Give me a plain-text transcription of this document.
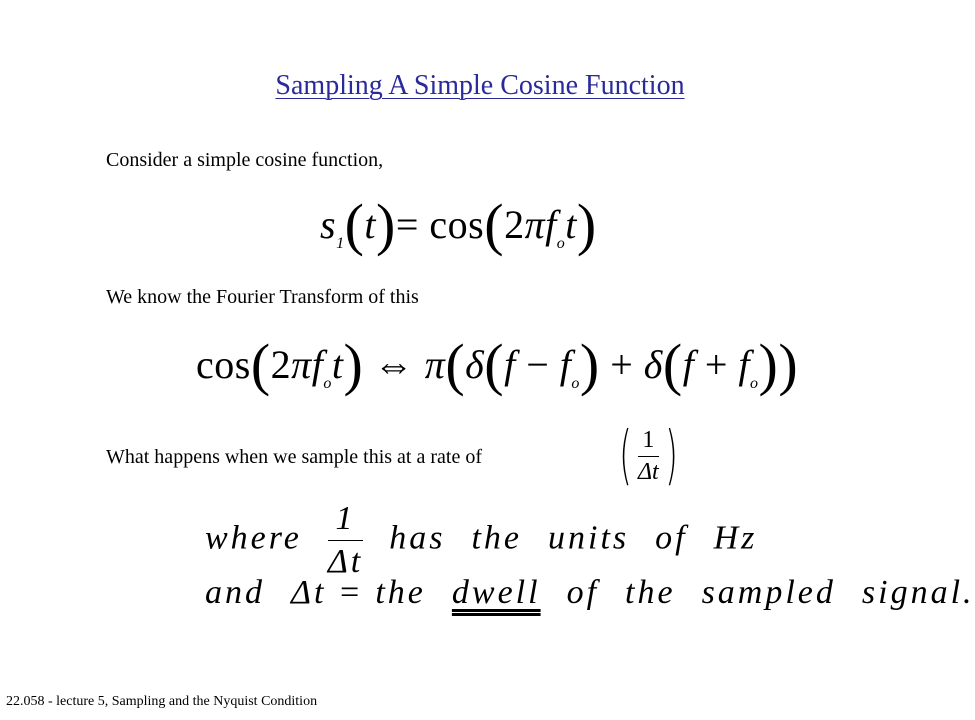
Sampling A Simple Cosine Function
Consider a simple cosine function,
$s_1(t)= \cos(2\pi f_ot)$
We know the Fourier Transform of this
$\cos(2\pi f_ot)$ ⇔ $\pi(\delta(f - f_o) + \delta(f + f_o))$
What happens when we sample this at a rate of ( $\frac{1}{\Delta t}$ )
where $\frac{1}{\Delta t}$ has the units of Hz
and Δt = the dwell of the sampled signal.
22.058 - lecture 5, Sampling and the Nyquist Condition
